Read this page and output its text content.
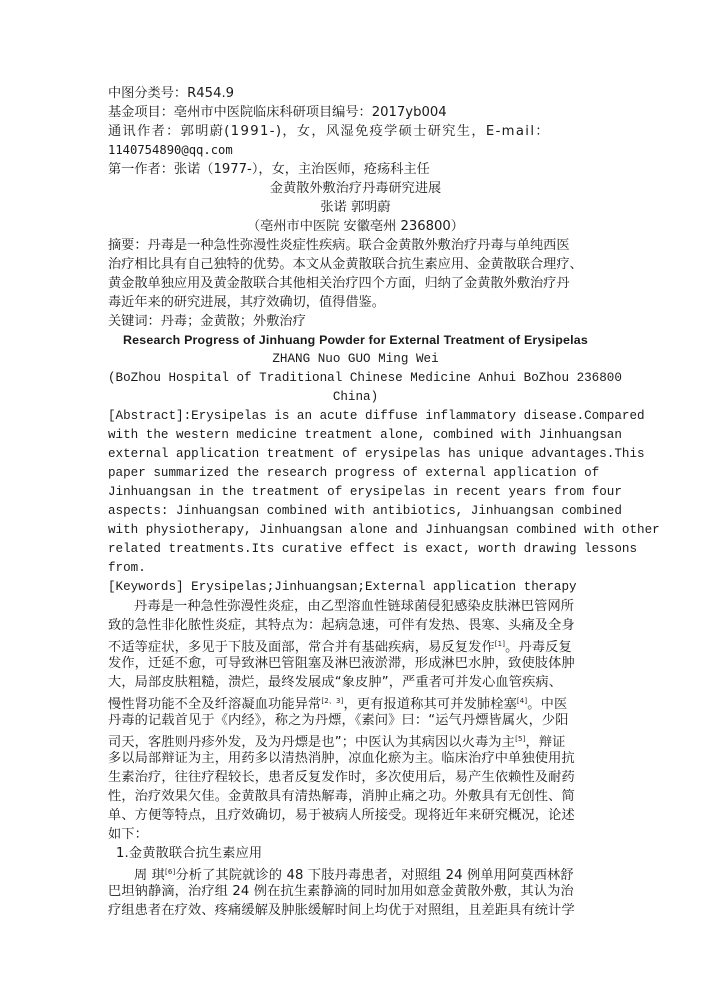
中图分类号：R454.9
基金项目：亳州市中医院临床科研项目编号：2017yb004
通讯作者：郭明蔚(1991-)，女，风湿免疫学硕士研究生，E-mail：
1140754890@qq.com
第一作者：张诺（1977-），女，主治医师，疮疡科主任
金黄散外敷治疗丹毒研究进展
张诺 郭明蔚
（亳州市中医院 安徽亳州 236800）
摘要：丹毒是一种急性弥漫性炎症性疾病。联合金黄散外敷治疗丹毒与单纯西医
治疗相比具有自己独特的优势。本文从金黄散联合抗生素应用、金黄散联合理疗、
黄金散单独应用及黄金散联合其他相关治疗四个方面，归纳了金黄散外敷治疗丹
毒近年来的研究进展，其疗效确切，值得借鉴。
关键词：丹毒；金黄散；外敷治疗
Research Progress of Jinhuang Powder for External Treatment of Erysipelas
ZHANG Nuo GUO Ming Wei
(BoZhou Hospital of Traditional Chinese Medicine Anhui BoZhou 236800
China)
[Abstract]:Erysipelas is an acute diffuse inflammatory disease.Compared
with the western medicine treatment alone, combined with Jinhuangsan
external application treatment of erysipelas has unique advantages.This
paper summarized the research progress of external application of
Jinhuangsan in the treatment of erysipelas in recent years from four
aspects: Jinhuangsan combined with antibiotics, Jinhuangsan combined
with physiotherapy, Jinhuangsan alone and Jinhuangsan combined with other
related treatments.Its curative effect is exact, worth drawing lessons
from.
[Keywords] Erysipelas;Jinhuangsan;External application therapy
丹毒是一种急性弥漫性炎症，由乙型溶血性链球菌侵犯感染皮肤淋巴管网所
致的急性非化脓性炎症，其特点为：起病急速，可伴有发热、畏寒、头痛及全身
不适等症状，多见于下肢及面部，常合并有基础疾病，易反复发作[1]。丹毒反复
发作，迁延不愈，可导致淋巴管阻塞及淋巴液淤滞，形成淋巴水肿，致使肢体肿
大，局部皮肤粗糙，溃烂，最终发展成“象皮肿”，严重者可并发心血管疾病、
慢性肾功能不全及纤溶凝血功能异常[2、3]，更有报道称其可并发肺栓塞[4]。中医
丹毒的记载首见于《内经》，称之为丹熛，《素问》曰：“运气丹熛皆属火，少阳
司天，客胜则丹疹外发，及为丹熛是也”；中医认为其病因以火毒为主[5]，辩证
多以局部辩证为主，用药多以清热消肿，凉血化瘀为主。临床治疗中单独使用抗
生素治疗，往往疗程较长，患者反复发作时，多次使用后，易产生依赖性及耐药
性，治疗效果欠佳。金黄散具有清热解毒，消肿止痛之功。外敷具有无创性、简
单、方便等特点，且疗效确切，易于被病人所接受。现将近年来研究概况，论述
如下：
1.金黄散联合抗生素应用
周 琪[6]分析了其院就诊的 48 下肢丹毒患者，对照组 24 例单用阿莫西林舒
巴坦钠静滴，治疗组 24 例在抗生素静滴的同时加用如意金黄散外敷，其认为治
疗组患者在疗效、疼痛缓解及肿胀缓解时间上均优于对照组，且差距具有统计学
